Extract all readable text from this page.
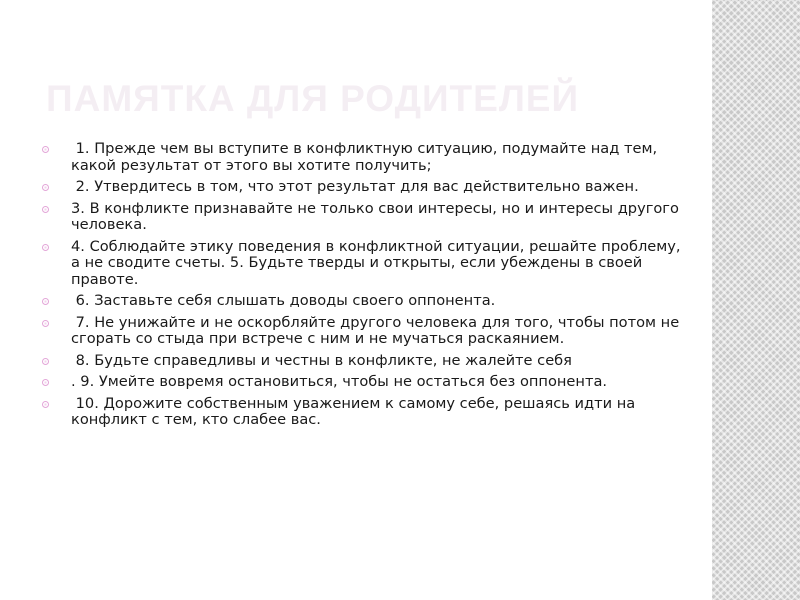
ПАМЯТКА ДЛЯ РОДИТЕЛЕЙ
1. Прежде чем вы вступите в конфликтную ситуацию, подумайте над тем, какой результат от этого вы хотите получить;
2. Утвердитесь в том, что этот результат для вас действительно важен.
3. В конфликте признавайте не только свои интересы, но и интересы другого человека.
4. Соблюдайте этику поведения в конфликтной ситуации, решайте проблему, а не сводите счеты. 5. Будьте тверды и открыты, если убеждены в своей правоте.
6. Заставьте себя слышать доводы своего оппонента.
7. Не унижайте и не оскорбляйте другого человека для того, чтобы потом не сгорать со стыда при встрече с ним и не мучаться раскаянием.
8. Будьте справедливы и честны в конфликте, не жалейте себя
. 9. Умейте вовремя остановиться, чтобы не остаться без оппонента.
10. Дорожите собственным уважением к самому себе, решаясь идти на конфликт с тем, кто слабее вас.
